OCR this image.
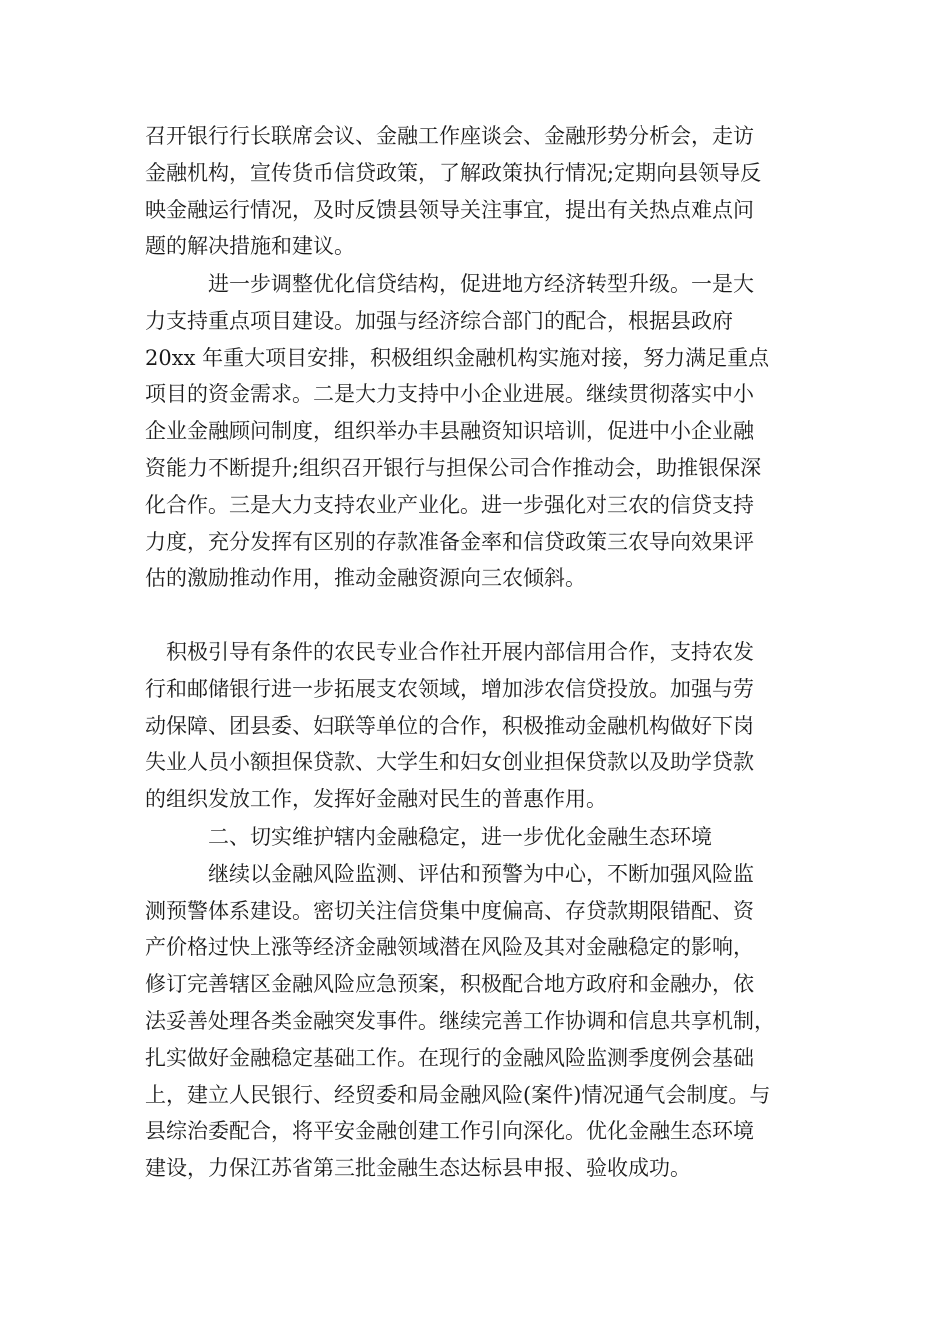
召开银行行长联席会议、金融工作座谈会、金融形势分析会，走访
金融机构，宣传货币信贷政策，了解政策执行情况;定期向县领导反
映金融运行情况，及时反馈县领导关注事宜，提出有关热点难点问
题的解决措施和建议。
　　　进一步调整优化信贷结构，促进地方经济转型升级。一是大
力支持重点项目建设。加强与经济综合部门的配合，根据县政府
20xx 年重大项目安排，积极组织金融机构实施对接，努力满足重点
项目的资金需求。二是大力支持中小企业进展。继续贯彻落实中小
企业金融顾问制度，组织举办丰县融资知识培训，促进中小企业融
资能力不断提升;组织召开银行与担保公司合作推动会，助推银保深
化合作。三是大力支持农业产业化。进一步强化对三农的信贷支持
力度，充分发挥有区别的存款准备金率和信贷政策三农导向效果评
估的激励推动作用，推动金融资源向三农倾斜。
　积极引导有条件的农民专业合作社开展内部信用合作，支持农发
行和邮储银行进一步拓展支农领域，增加涉农信贷投放。加强与劳
动保障、团县委、妇联等单位的合作，积极推动金融机构做好下岗
失业人员小额担保贷款、大学生和妇女创业担保贷款以及助学贷款
的组织发放工作，发挥好金融对民生的普惠作用。
　　　二、切实维护辖内金融稳定，进一步优化金融生态环境
　　　继续以金融风险监测、评估和预警为中心，不断加强风险监
测预警体系建设。密切关注信贷集中度偏高、存贷款期限错配、资
产价格过快上涨等经济金融领域潜在风险及其对金融稳定的影响，
修订完善辖区金融风险应急预案，积极配合地方政府和金融办，依
法妥善处理各类金融突发事件。继续完善工作协调和信息共享机制，
扎实做好金融稳定基础工作。在现行的金融风险监测季度例会基础
上，建立人民银行、经贸委和局金融风险(案件)情况通气会制度。与
县综治委配合，将平安金融创建工作引向深化。优化金融生态环境
建设，力保江苏省第三批金融生态达标县申报、验收成功。
